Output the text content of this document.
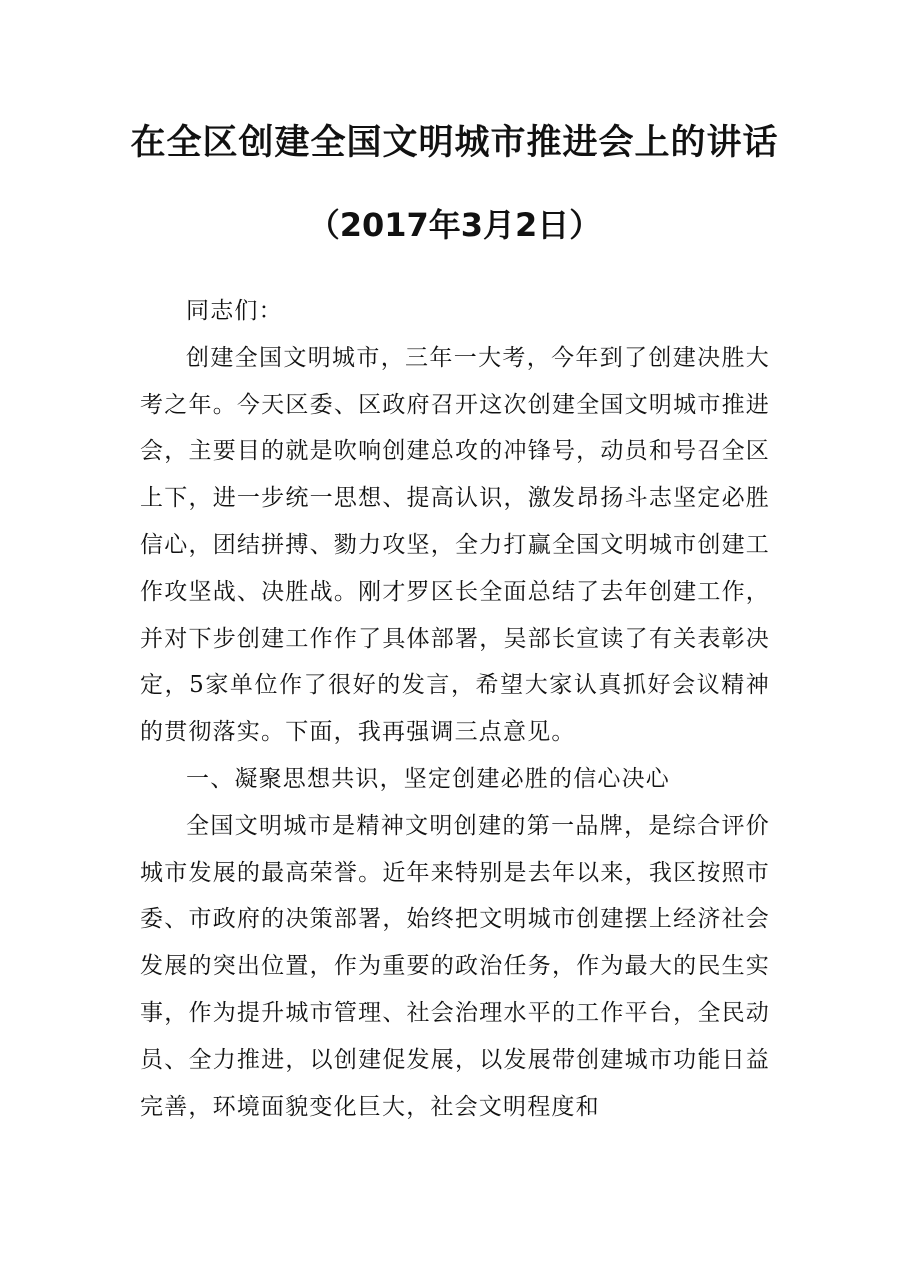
在全区创建全国文明城市推进会上的讲话
（2017年3月2日）

同志们：

创建全国文明城市，三年一大考，今年到了创建决胜大考之年。今天区委、区政府召开这次创建全国文明城市推进会，主要目的就是吹响创建总攻的冲锋号，动员和号召全区上下，进一步统一思想、提高认识，激发昂扬斗志坚定必胜信心，团结拼搏、勠力攻坚，全力打赢全国文明城市创建工作攻坚战、决胜战。刚才罗区长全面总结了去年创建工作，并对下步创建工作作了具体部署，吴部长宣读了有关表彰决定，5家单位作了很好的发言，希望大家认真抓好会议精神的贯彻落实。下面，我再强调三点意见。

一、凝聚思想共识，坚定创建必胜的信心决心

全国文明城市是精神文明创建的第一品牌，是综合评价城市发展的最高荣誉。近年来特别是去年以来，我区按照市委、市政府的决策部署，始终把文明城市创建摆上经济社会发展的突出位置，作为重要的政治任务，作为最大的民生实事，作为提升城市管理、社会治理水平的工作平台，全民动员、全力推进，以创建促发展，以发展带创建城市功能日益完善，环境面貌变化巨大，社会文明程度和
